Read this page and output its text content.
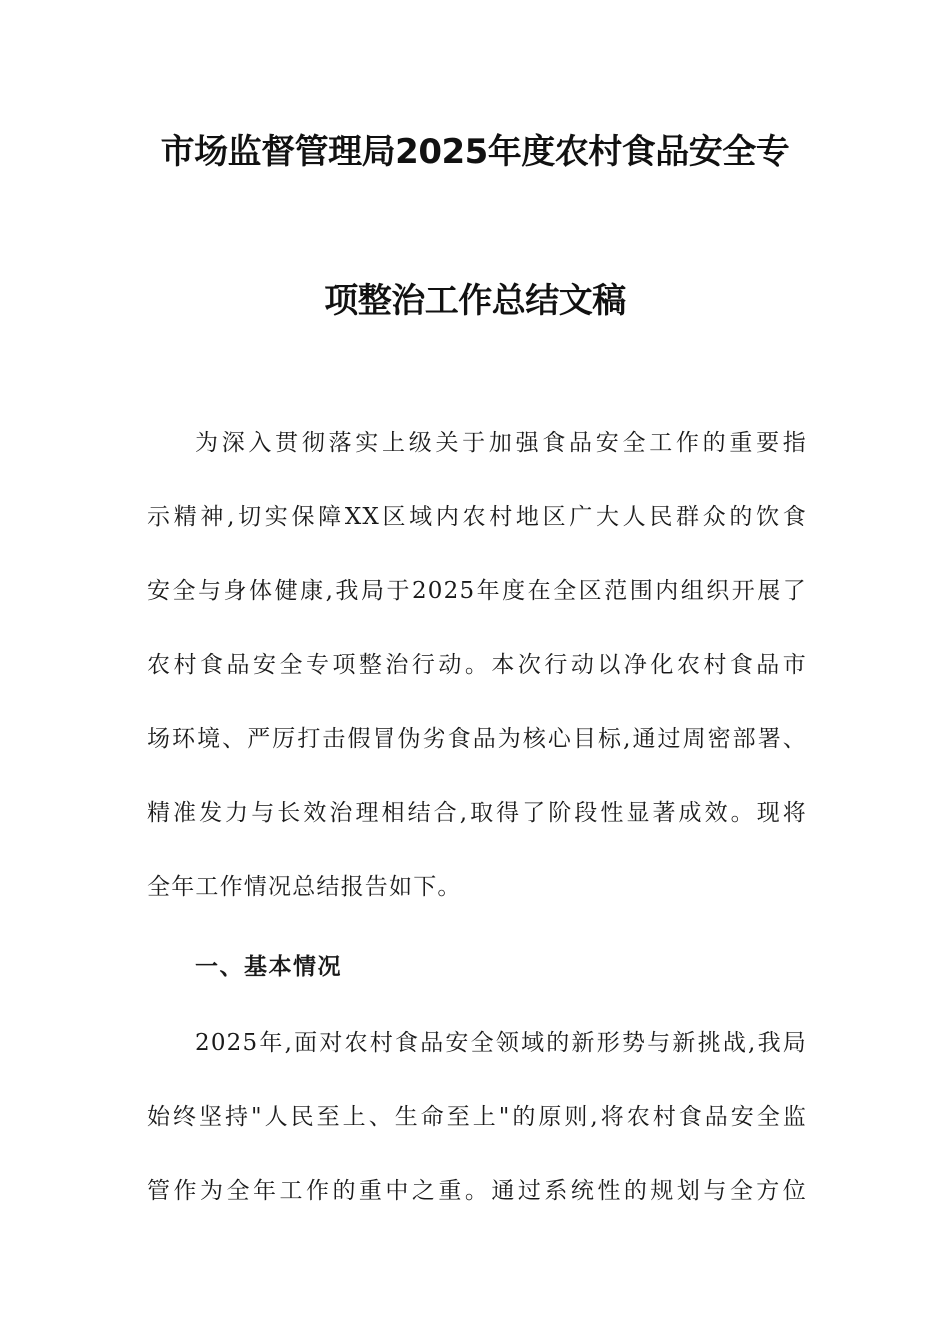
市场监督管理局2025年度农村食品安全专
项整治工作总结文稿
为深入贯彻落实上级关于加强食品安全工作的重要指
示精神,切实保障XX区域内农村地区广大人民群众的饮食
安全与身体健康,我局于2025年度在全区范围内组织开展了
农村食品安全专项整治行动。本次行动以净化农村食品市
场环境、严厉打击假冒伪劣食品为核心目标,通过周密部署、
精准发力与长效治理相结合,取得了阶段性显著成效。现将
全年工作情况总结报告如下。
一、基本情况
2025年,面对农村食品安全领域的新形势与新挑战,我局
始终坚持"人民至上、生命至上"的原则,将农村食品安全监
管作为全年工作的重中之重。通过系统性的规划与全方位
